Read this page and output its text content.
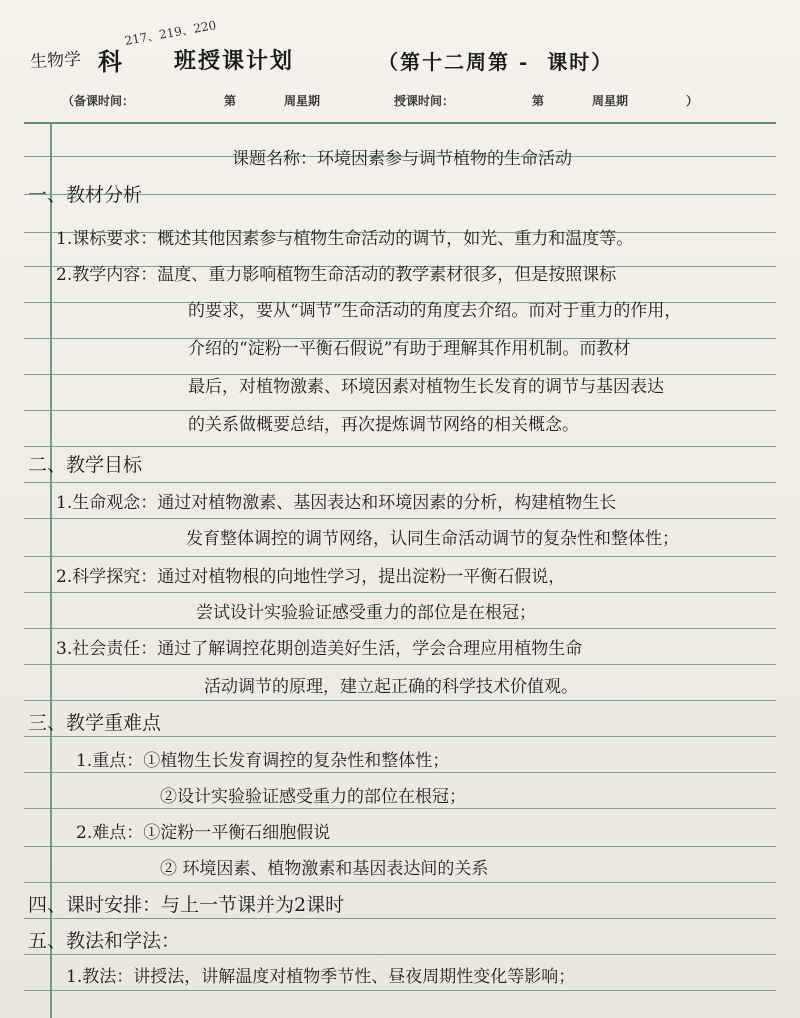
生物学 科
217、219、220
班授课计划	（第十二周第 -  课时）
（备课时间：	第	周星期	授课时间：	第	周星期	）
课题名称：环境因素参与调节植物的生命活动
一、教材分析
1.课标要求：概述其他因素参与植物生命活动的调节，如光、重力和温度等。
2.教学内容：温度、重力影响植物生命活动的教学素材很多，但是按照课标
的要求，要从“调节”生命活动的角度去介绍。而对于重力的作用，
介绍的“淀粉一平衡石假说”有助于理解其作用机制。而教材
最后，对植物激素、环境因素对植物生长发育的调节与基因表达
的关系做概要总结，再次提炼调节网络的相关概念。
二、教学目标
1.生命观念：通过对植物激素、基因表达和环境因素的分析，构建植物生长
发育整体调控的调节网络，认同生命活动调节的复杂性和整体性；
2.科学探究：通过对植物根的向地性学习，提出淀粉一平衡石假说，
尝试设计实验验证感受重力的部位是在根冠；
3.社会责任：通过了解调控花期创造美好生活，学会合理应用植物生命
活动调节的原理，建立起正确的科学技术价值观。
三、教学重难点
1.重点：①植物生长发育调控的复杂性和整体性；
②设计实验验证感受重力的部位在根冠；
2.难点：①淀粉一平衡石细胞假说
② 环境因素、植物激素和基因表达间的关系
四、课时安排：与上一节课并为2课时
五、教法和学法：
1.教法：讲授法，讲解温度对植物季节性、昼夜周期性变化等影响；
